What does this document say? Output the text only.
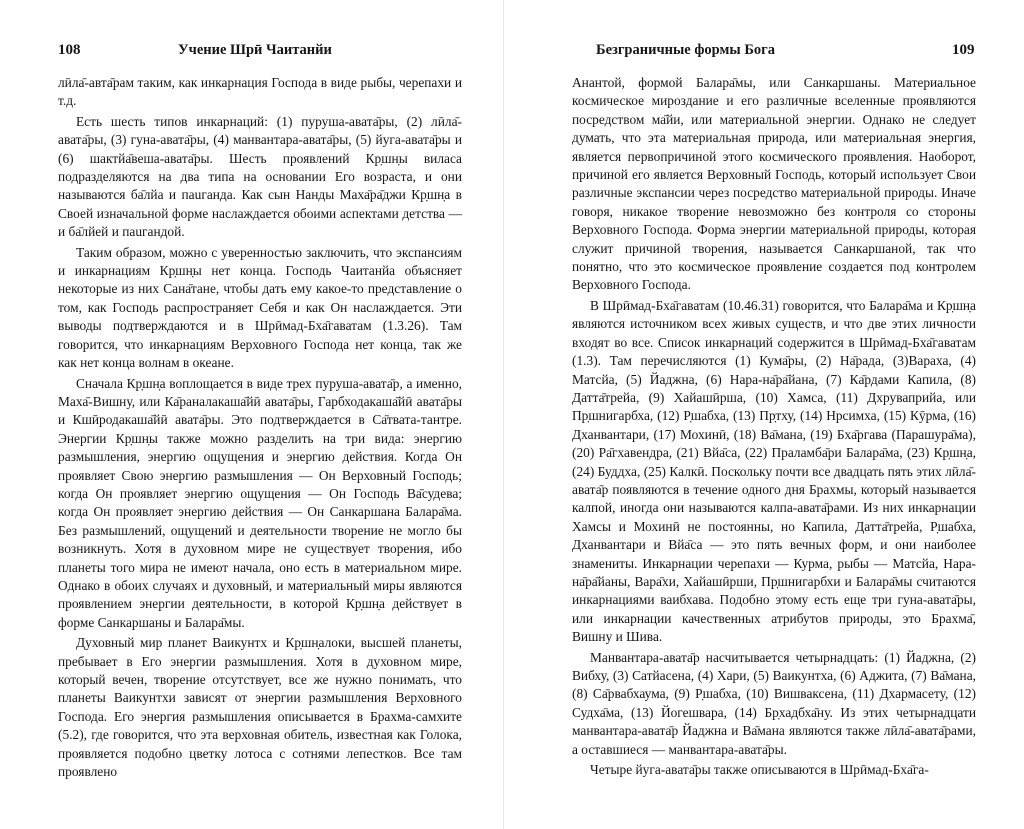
108	Учение Шрӣ Чаитанйи

лӣла̄-авта̄рам таким, как инкарнация Господа в виде рыбы, черепахи и т.д.

Есть шесть типов инкарнаций: (1) пуруша-авата̄ры, (2) лӣла̄-авата̄ры, (3) гуна-авата̄ры, (4) манвантара-авата̄ры, (5) йуга-авата̄ры и (6) шактйа̄веша-авата̄ры. Шесть проявлений Кр̣шн̣ы виласа подразделяются на два типа на основании Его возраста, и они называются ба̄лйа и паuганда. Как сын Нанды Маха̄ра̄джи Кр̣шн̣а в Своей изначальной форме наслаждается обоими аспектами детства — и ба̄лйей и паuгандой.

Таким образом, можно с уверенностью заключить, что экспансиям и инкарнациям Кр̣шн̣ы нет конца. Господь Чаитанйа объясняет некоторые из них Сана̄тане, чтобы дать ему какое-то представление о том, как Господь распространяет Себя и как Он наслаждается. Эти выводы подтверждаются и в Шрӣмад-Бха̄гаватам (1.3.26). Там говорится, что инкарнациям Верховного Господа нет конца, так же как нет конца волнам в океане.

Сначала Кр̣шн̣а воплощается в виде трех пуруша-авата̄р, а именно, Маха̄-Вишну, или Ка̄раналакаша̄йӣ авата̄ры, Гарбходакаша̄йӣ авата̄ры и Кшӣродакаша̄йӣ авата̄ры. Это подтверждается в Са̄твата-тантре. Энергии Кр̣шн̣ы также можно разделить на три вида: энергию размышления, энергию ощущения и энергию действия. Когда Он проявляет Свою энергию размышления — Он Верховный Господь; когда Он проявляет энергию ощущения — Он Господь Ва̄судева; когда Он проявляет энергию действия — Он Санкаршана Балара̄ма. Без размышлений, ощущений и деятельности творение не могло бы возникнуть. Хотя в духовном мире не существует творения, ибо планеты того мира не имеют начала, оно есть в материальном мире. Однако в обоих случаях и духовный, и материальный миры являются проявлением энергии деятельности, в которой Кр̣шн̣а действует в форме Санкаршаны и Балара̄мы.

Духовный мир планет Ваикунтх и Кр̣шн̣алоки, высшей планеты, пребывает в Его энергии размышления. Хотя в духовном мире, который вечен, творение отсутствует, все же нужно понимать, что планеты Ваикунтхи зависят от энергии размышления Верховного Господа. Его энергия размышления описывается в Брахма-самхите (5.2), где говорится, что эта верховная обитель, известная как Голока, проявляется подобно цветку лотоса с сотнями лепестков. Все там проявлено

Безграничные формы Бога	109

Анантой, формой Балара̄мы, или Санкаршаны. Материальное космическое мироздание и его различные вселенные проявляются посредством ма̄йи, или материальной энергии. Однако не следует думать, что эта материальная природа, или материальная энергия, является первопричиной этого космического проявления. Наоборот, причиной его является Верховный Господь, который использует Свои различные экспансии через посредство материальной природы. Иначе говоря, никакое творение невозможно без контроля со стороны Верховного Господа. Форма энергии материальной природы, которая служит причиной творения, называется Санкаршаной, так что понятно, что это космическое проявление создается под контролем Верховного Господа.

В Шрӣмад-Бха̄гаватам (10.46.31) говорится, что Балара̄ма и Кр̣шн̣а являются источником всех живых существ, и что две этих личности входят во все. Список инкарнаций содержится в Шрӣмад-Бха̄гаватам (1.3). Там перечисляются (1) Кума̄ры, (2) На̄рада, (3)Вараха, (4) Матсйа, (5) Йаджна, (6) Нара-на̄ра̄йана, (7) Ка̄рдами Капила, (8) Датта̄трейа, (9) Хайашӣрша, (10) Хамса, (11) Дхруваприйа, или Пр̣шнигарбха, (12) Р̣шабха, (13) Пр̣тху, (14) Нрсимха, (15) Кӯрма, (16) Дханвантари, (17) Мохинӣ, (18) Ва̄мана, (19) Бха̄ргава (Парашура̄ма), (20) Ра̄гхавендра, (21) Вйа̄са, (22) Праламба̄ри Балара̄ма, (23) Кр̣шн̣а, (24) Буддха, (25) Калкӣ. Поскольку почти все двадцать пять этих лӣла̄-авата̄р появляются в течение одного дня Брахмы, который называется калпой, иногда они называются калпа-авата̄рами. Из них инкарнации Хамсы и Мохинӣ не постоянны, но Капила, Датта̄трейа, Р̣шабха, Дханвантари и Вйа̄са — это пять вечных форм, и они наиболее знамениты. Инкарнации черепахи — Курма, рыбы — Матсйа, Нара-на̄ра̄йаны, Вара̄хи, Хайашӣрши, Пр̣шнигарбхи и Балара̄мы считаются инкарнациями ваибхава. Подобно этому есть еще три гуна-авата̄ры, или инкарнации качественных атрибутов природы, это Брахма̄, Вишну и Шива.

Манвантара-авата̄р насчитывается четырнадцать: (1) Йаджна, (2) Вибху, (3) Сатйасена, (4) Хари, (5) Ваикунтха, (6) Аджита, (7) Ва̄мана, (8) Са̄рвабхаума, (9) Р̣шабха, (10) Вишваксена, (11) Дхармасету, (12) Судха̄ма, (13) Йогешвара, (14) Бр̣хадбха̄ну. Из этих четырнадцати манвантара-авата̄р Йаджна и Ва̄мана являются также лӣла̄-авата̄рами, а оставшиеся — манвантара-авата̄ры.

Четыре йуга-авата̄ры также описываются в Шрӣмад-Бха̄га-
